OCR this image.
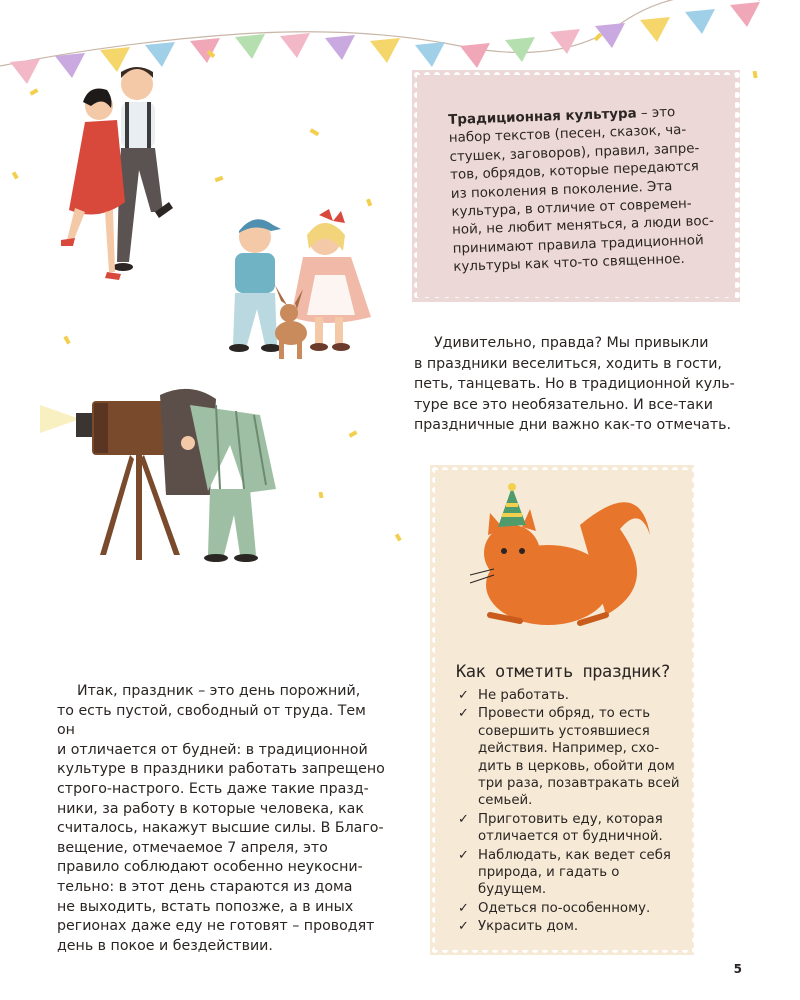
Традиционная культура – это
набор текстов (песен, сказок, ча-
стушек, заговоров), правил, запре-
тов, обрядов, которые передаются
из поколения в поколение. Эта
культура, в отличие от современ-
ной, не любит меняться, а люди вос-
принимают правила традиционной
культуры как что-то священное.
Удивительно, правда? Мы привыкли
в праздники веселиться, ходить в гости,
петь, танцевать. Но в традиционной куль-
туре все это необязательно. И все-таки
праздничные дни важно как-то отмечать.
Как отметить праздник?
✓ Не работать.
✓ Провести обряд, то есть
совершить устоявшиеся
действия. Например, схо-
дить в церковь, обойти дом
три раза, позавтракать всей
семьей.
✓ Приготовить еду, которая
отличается от будничной.
✓ Наблюдать, как ведет себя
природа, и гадать о будущем.
✓ Одеться по-особенному.
✓ Украсить дом.
Итак, праздник – это день порожний,
то есть пустой, свободный от труда. Тем он
и отличается от будней: в традиционной
культуре в праздники работать запрещено
строго-настрого. Есть даже такие празд-
ники, за работу в которые человека, как
считалось, накажут высшие силы. В Благо-
вещение, отмечаемое 7 апреля, это
правило соблюдают особенно неукосни-
тельно: в этот день стараются из дома
не выходить, встать попозже, а в иных
регионах даже еду не готовят – проводят
день в покое и бездействии.
5
